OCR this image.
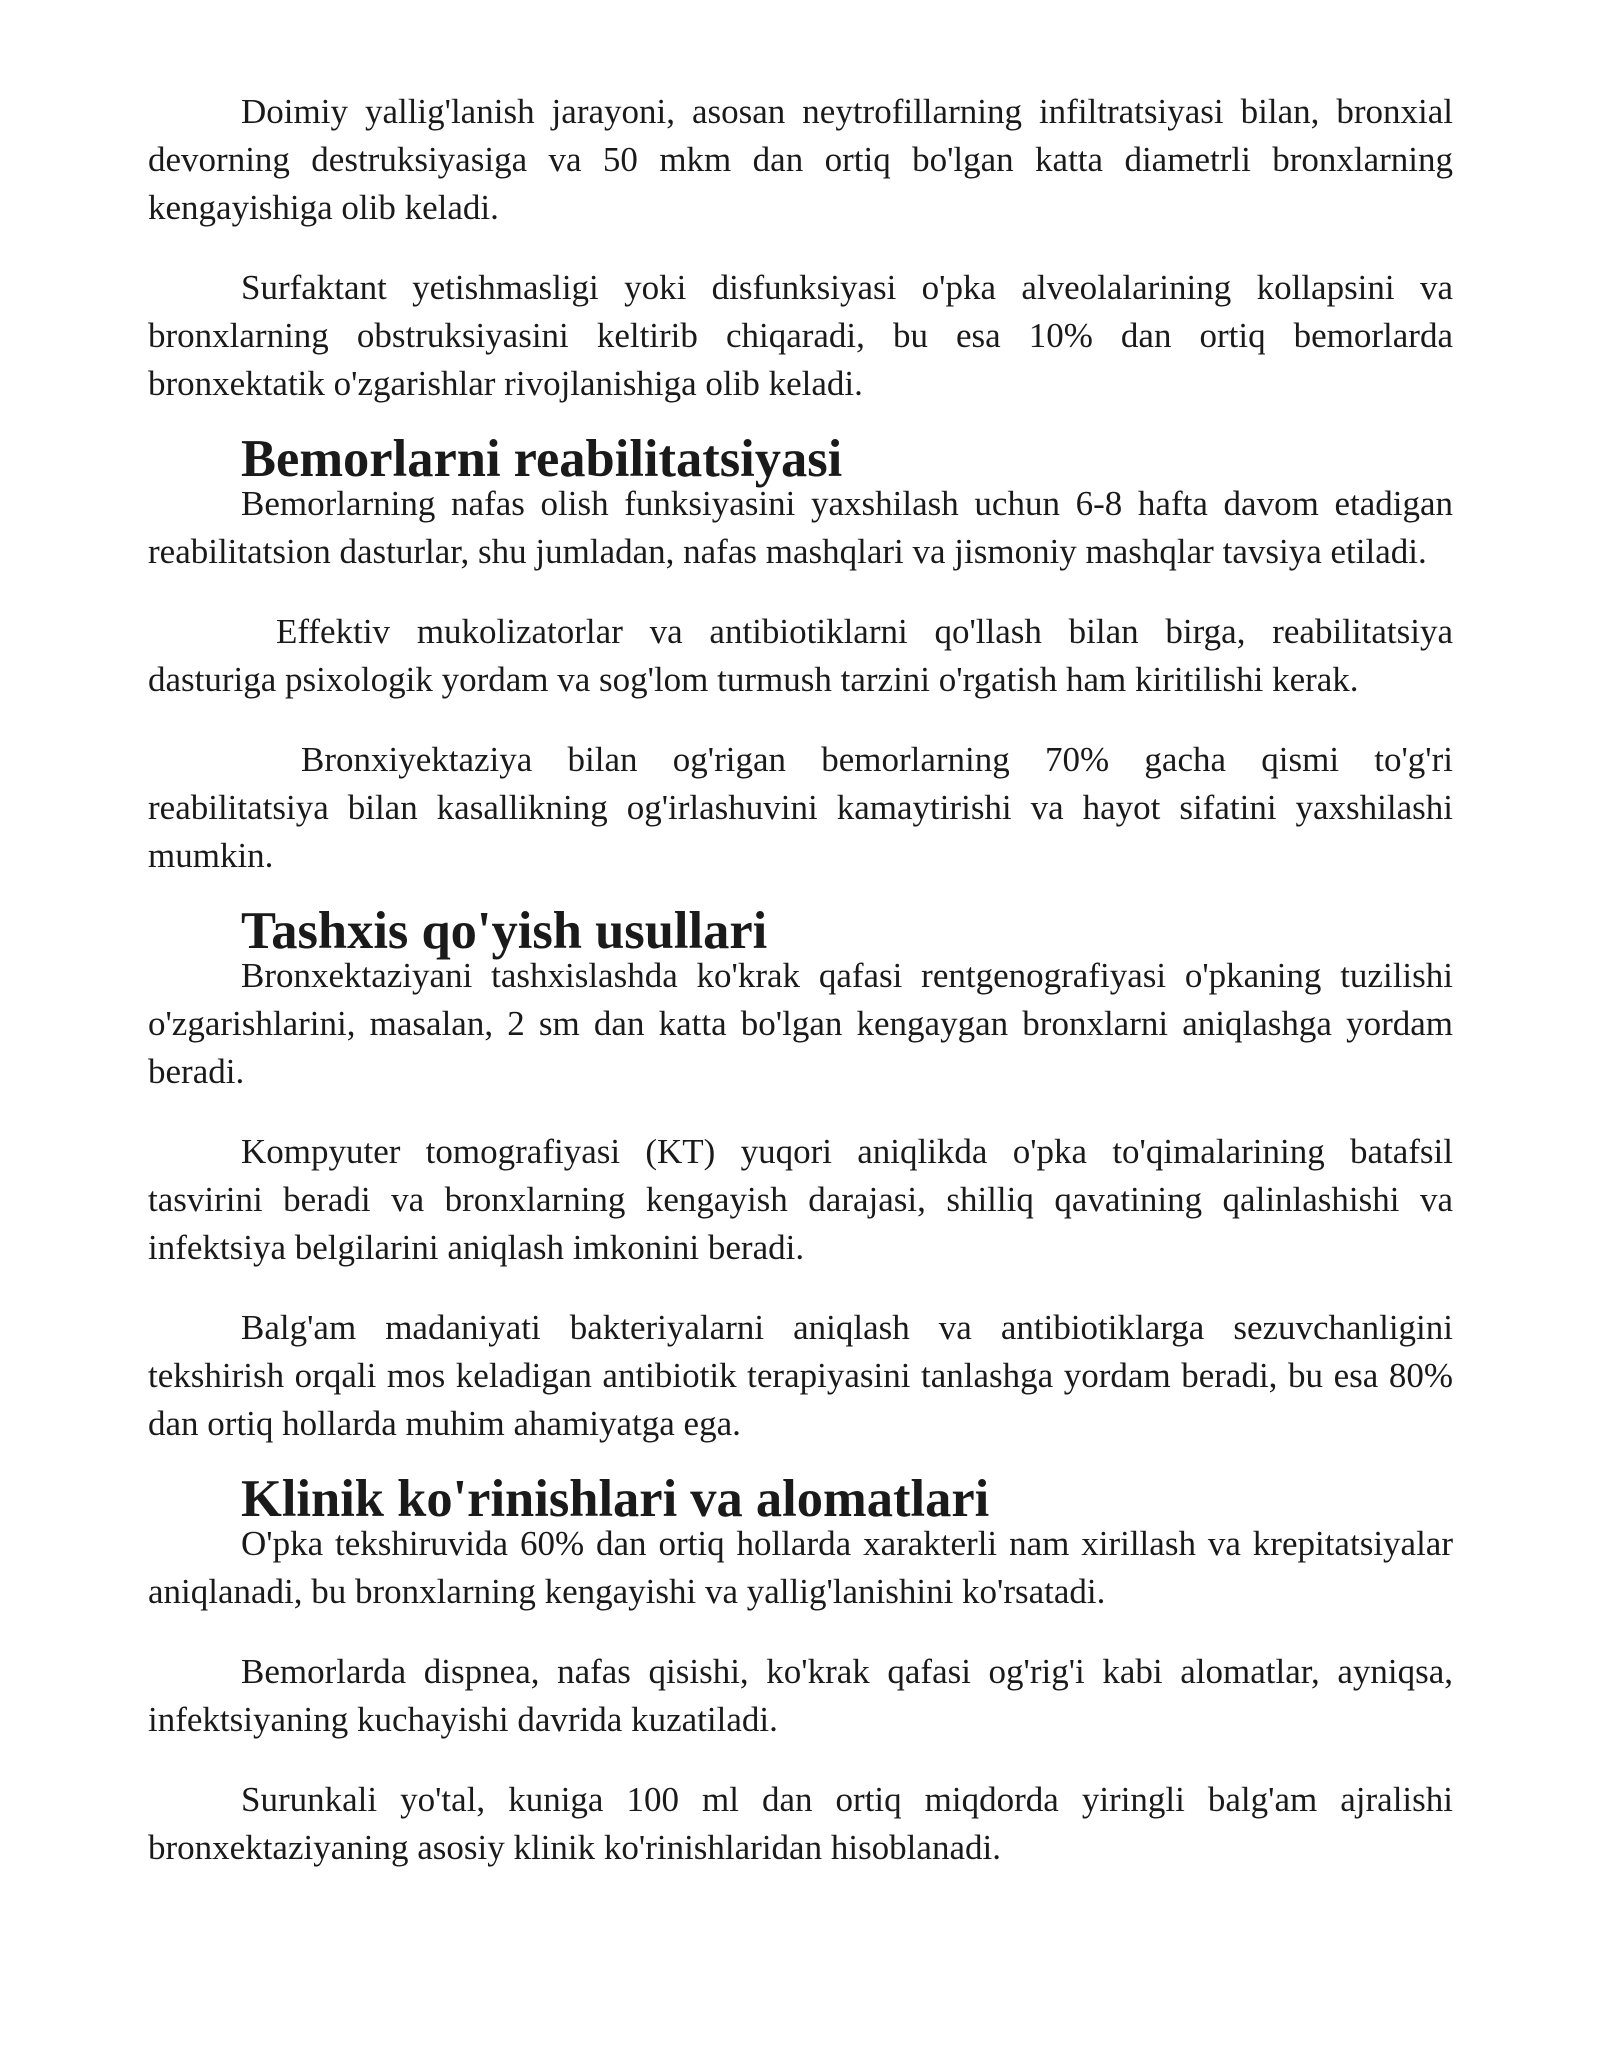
Doimiy yallig'lanish jarayoni, asosan neytrofillarning infiltratsiyasi bilan, bronxial devorning destruksiyasiga va 50 mkm dan ortiq bo'lgan katta diametrli bronxlarning kengayishiga olib keladi.

Surfaktant yetishmasligi yoki disfunksiyasi o'pka alveolalarining kollapsini va bronxlarning obstruksiyasini keltirib chiqaradi, bu esa 10% dan ortiq bemorlarda bronxektatik o'zgarishlar rivojlanishiga olib keladi.

Bemorlarni reabilitatsiyasi

Bemorlarning nafas olish funksiyasini yaxshilash uchun 6-8 hafta davom etadigan reabilitatsion dasturlar, shu jumladan, nafas mashqlari va jismoniy mashqlar tavsiya etiladi.

Effektiv mukolizatorlar va antibiotiklarni qo'llash bilan birga, reabilitatsiya dasturiga psixologik yordam va sog'lom turmush tarzini o'rgatish ham kiritilishi kerak.

Bronxiyektaziya bilan og'rigan bemorlarning 70% gacha qismi to'g'ri reabilitatsiya bilan kasallikning og'irlashuvini kamaytirishi va hayot sifatini yaxshilashi mumkin.

Tashxis qo'yish usullari

Bronxektaziyani tashxislashda ko'krak qafasi rentgenografiyasi o'pkaning tuzilishi o'zgarishlarini, masalan, 2 sm dan katta bo'lgan kengaygan bronxlarni aniqlashga yordam beradi.

Kompyuter tomografiyasi (KT) yuqori aniqlikda o'pka to'qimalarining batafsil tasvirini beradi va bronxlarning kengayish darajasi, shilliq qavatining qalinlashishi va infektsiya belgilarini aniqlash imkonini beradi.

Balg'am madaniyati bakteriyalarni aniqlash va antibiotiklarga sezuvchanligini tekshirish orqali mos keladigan antibiotik terapiyasini tanlashga yordam beradi, bu esa 80% dan ortiq hollarda muhim ahamiyatga ega.

Klinik ko'rinishlari va alomatlari

O'pka tekshiruvida 60% dan ortiq hollarda xarakterli nam xirillash va krepitatsiyalar aniqlanadi, bu bronxlarning kengayishi va yallig'lanishini ko'rsatadi.

Bemorlarda dispnea, nafas qisishi, ko'krak qafasi og'rig'i kabi alomatlar, ayniqsa, infektsiyaning kuchayishi davrida kuzatiladi.

Surunkali yo'tal, kuniga 100 ml dan ortiq miqdorda yiringli balg'am ajralishi bronxektaziyaning asosiy klinik ko'rinishlaridan hisoblanadi.
